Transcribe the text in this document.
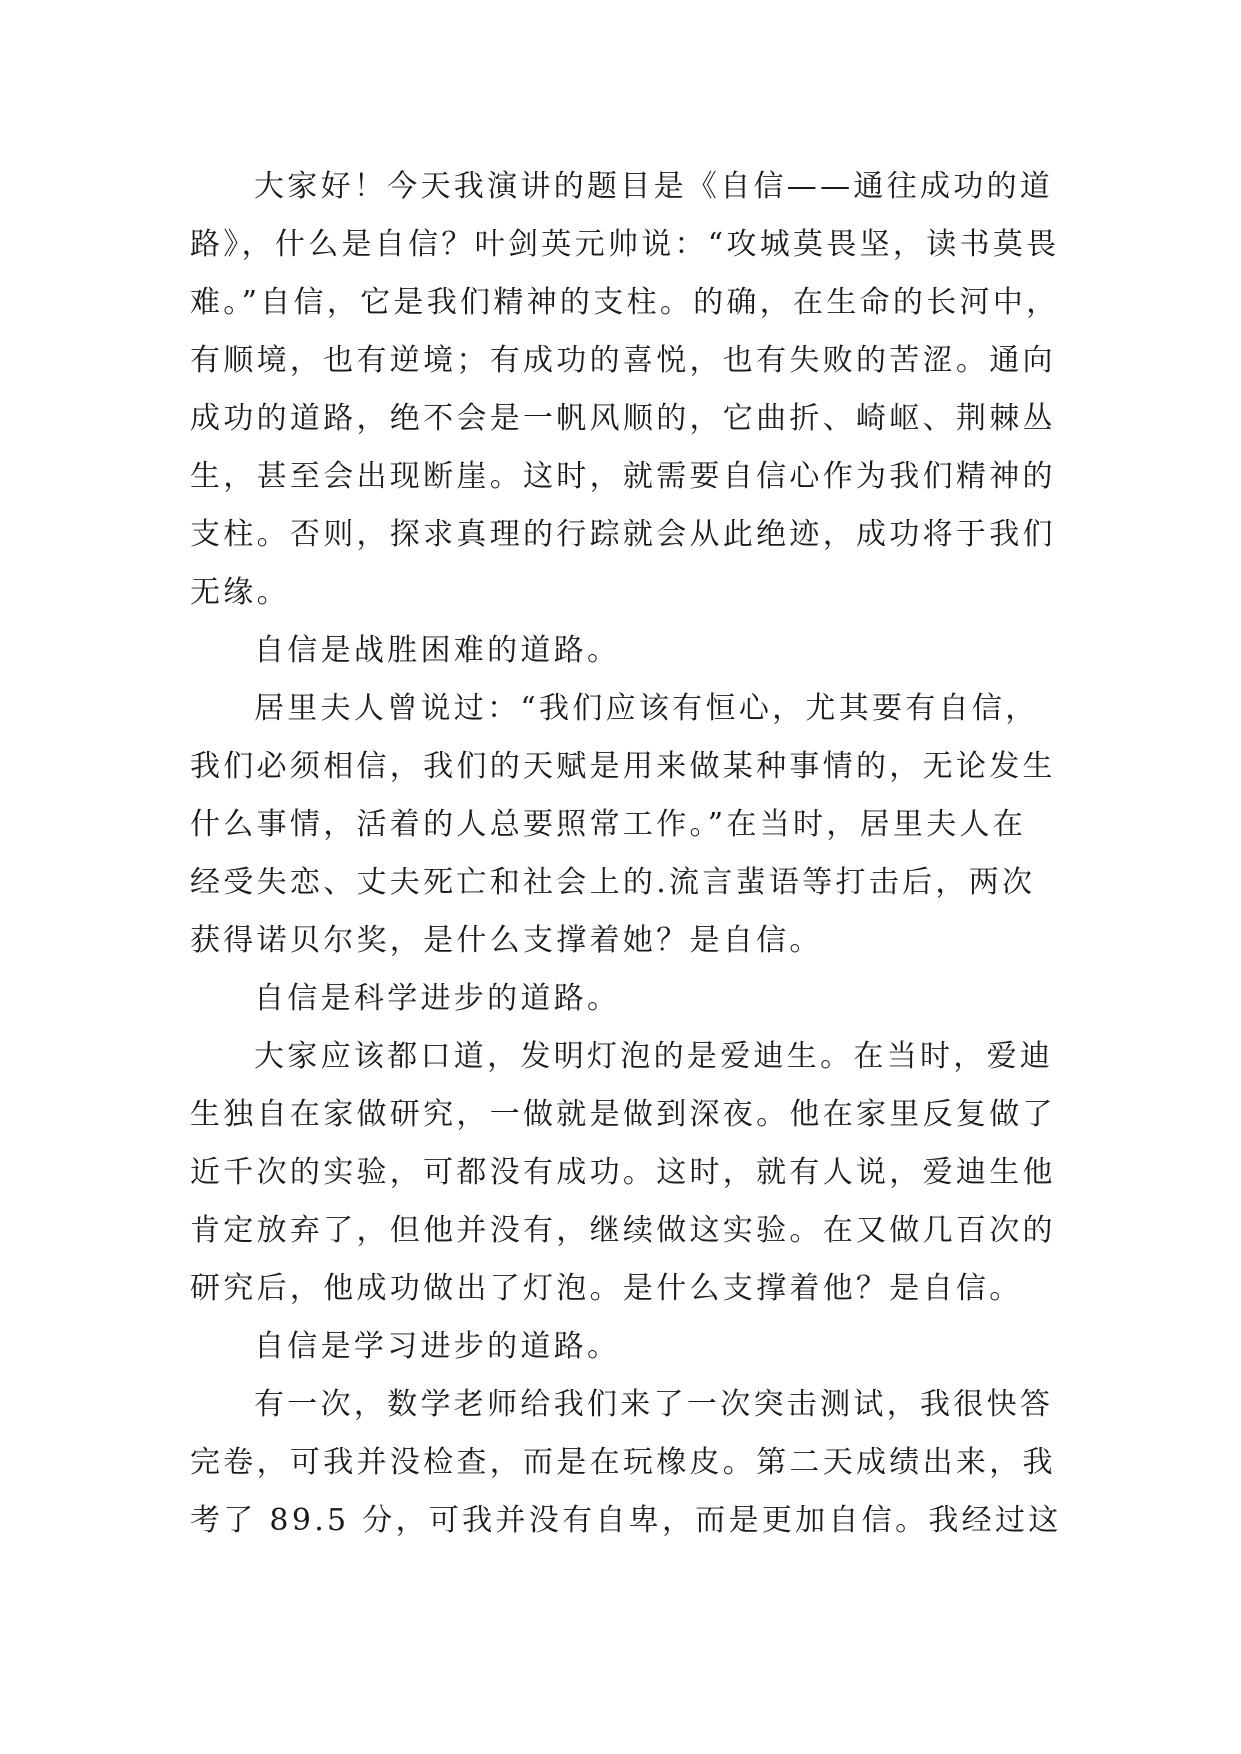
大家好！今天我演讲的题目是《自信——通往成功的道
路》，什么是自信？叶剑英元帅说：“攻城莫畏坚，读书莫畏
难。”自信，它是我们精神的支柱。的确，在生命的长河中，
有顺境，也有逆境；有成功的喜悦，也有失败的苦涩。通向
成功的道路，绝不会是一帆风顺的，它曲折、崎岖、荆棘丛
生，甚至会出现断崖。这时，就需要自信心作为我们精神的
支柱。否则，探求真理的行踪就会从此绝迹，成功将于我们
无缘。
自信是战胜困难的道路。
居里夫人曾说过：“我们应该有恒心，尤其要有自信，
我们必须相信，我们的天赋是用来做某种事情的，无论发生
什么事情，活着的人总要照常工作。”在当时，居里夫人在
经受失恋、丈夫死亡和社会上的.流言蜚语等打击后，两次
获得诺贝尔奖，是什么支撑着她？是自信。
自信是科学进步的道路。
大家应该都口道，发明灯泡的是爱迪生。在当时，爱迪
生独自在家做研究，一做就是做到深夜。他在家里反复做了
近千次的实验，可都没有成功。这时，就有人说，爱迪生他
肯定放弃了，但他并没有，继续做这实验。在又做几百次的
研究后，他成功做出了灯泡。是什么支撑着他？是自信。
自信是学习进步的道路。
有一次，数学老师给我们来了一次突击测试，我很快答
完卷，可我并没检查，而是在玩橡皮。第二天成绩出来，我
考了 89.5 分，可我并没有自卑，而是更加自信。我经过这
